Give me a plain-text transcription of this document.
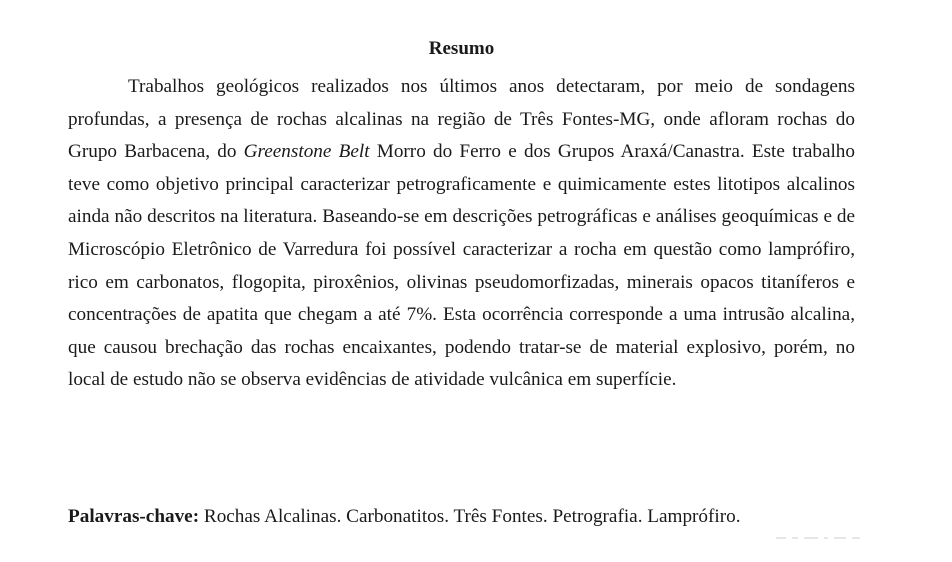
Resumo

Trabalhos geológicos realizados nos últimos anos detectaram, por meio de sondagens profundas, a presença de rochas alcalinas na região de Três Fontes-MG, onde afloram rochas do Grupo Barbacena, do Greenstone Belt Morro do Ferro e dos Grupos Araxá/Canastra. Este trabalho teve como objetivo principal caracterizar petrograficamente e quimicamente estes litotipos alcalinos ainda não descritos na literatura. Baseando-se em descrições petrográficas e análises geoquímicas e de Microscópio Eletrônico de Varredura foi possível caracterizar a rocha em questão como lamprófiro, rico em carbonatos, flogopita, piroxênios, olivinas pseudomorfizadas, minerais opacos titaníferos e concentrações de apatita que chegam a até 7%. Esta ocorrência corresponde a uma intrusão alcalina, que causou brechação das rochas encaixantes, podendo tratar-se de material explosivo, porém, no local de estudo não se observa evidências de atividade vulcânica em superfície.

Palavras-chave: Rochas Alcalinas. Carbonatitos. Três Fontes. Petrografia. Lamprófiro.
